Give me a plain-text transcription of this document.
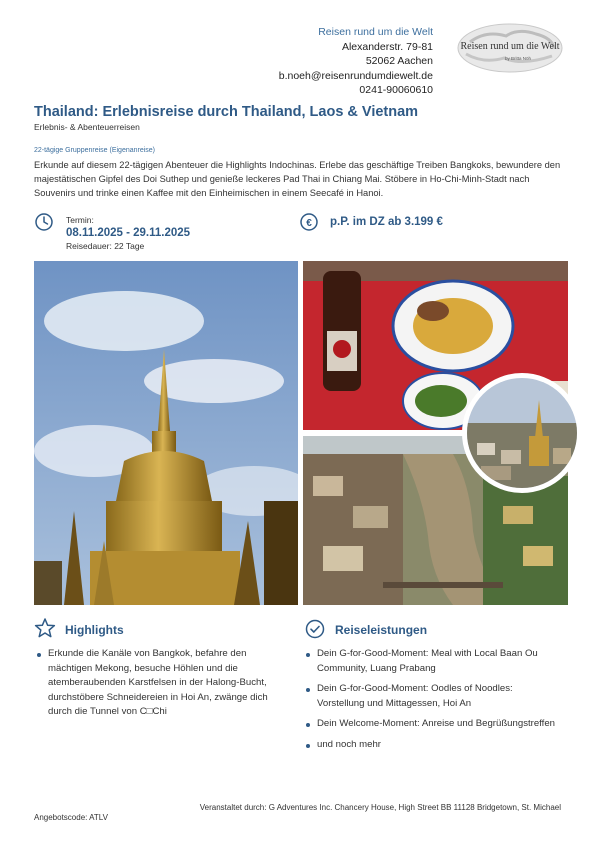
Reisen rund um die Welt
Alexanderstr. 79-81
52062 Aachen
b.noeh@reisenrundumdiewelt.de
0241-90060610
Reisen rund um die Welt
by Britta Nöh
Thailand: Erlebnisreise durch Thailand, Laos & Vietnam
Erlebnis- & Abenteuerreisen
22-tägige Gruppenreise (Eigenanreise)
Erkunde auf diesem 22-tägigen Abenteuer die Highlights Indochinas. Erlebe das geschäftige Treiben Bangkoks, bewundere den majestätischen Gipfel des Doi Suthep und genieße leckeres Pad Thai in Chiang Mai. Stöbere in Ho-Chi-Minh-Stadt nach Souvenirs und trinke einen Kaffee mit den Einheimischen in einem Seecafé in Hanoi.
Termin:
08.11.2025 - 29.11.2025
Reisedauer: 22 Tage
€ p.P. im DZ ab 3.199 €
Highlights
Erkunde die Kanäle von Bangkok, befahre den mächtigen Mekong, besuche Höhlen und die atemberaubenden Karstfelsen in der Halong-Bucht, durchstöbere Schneidereien in Hoi An, zwänge dich durch die Tunnel von C□Chi
Reiseleistungen
Dein G-for-Good-Moment: Meal with Local Baan Ou Community, Luang Prabang
Dein G-for-Good-Moment: Oodles of Noodles: Vorstellung und Mittagessen, Hoi An
Dein Welcome-Moment: Anreise und Begrüßungstreffen
und noch mehr
Angebotscode: ATLV
Veranstaltet durch: G Adventures Inc. Chancery House, High Street BB 11128 Bridgetown, St. Michael
